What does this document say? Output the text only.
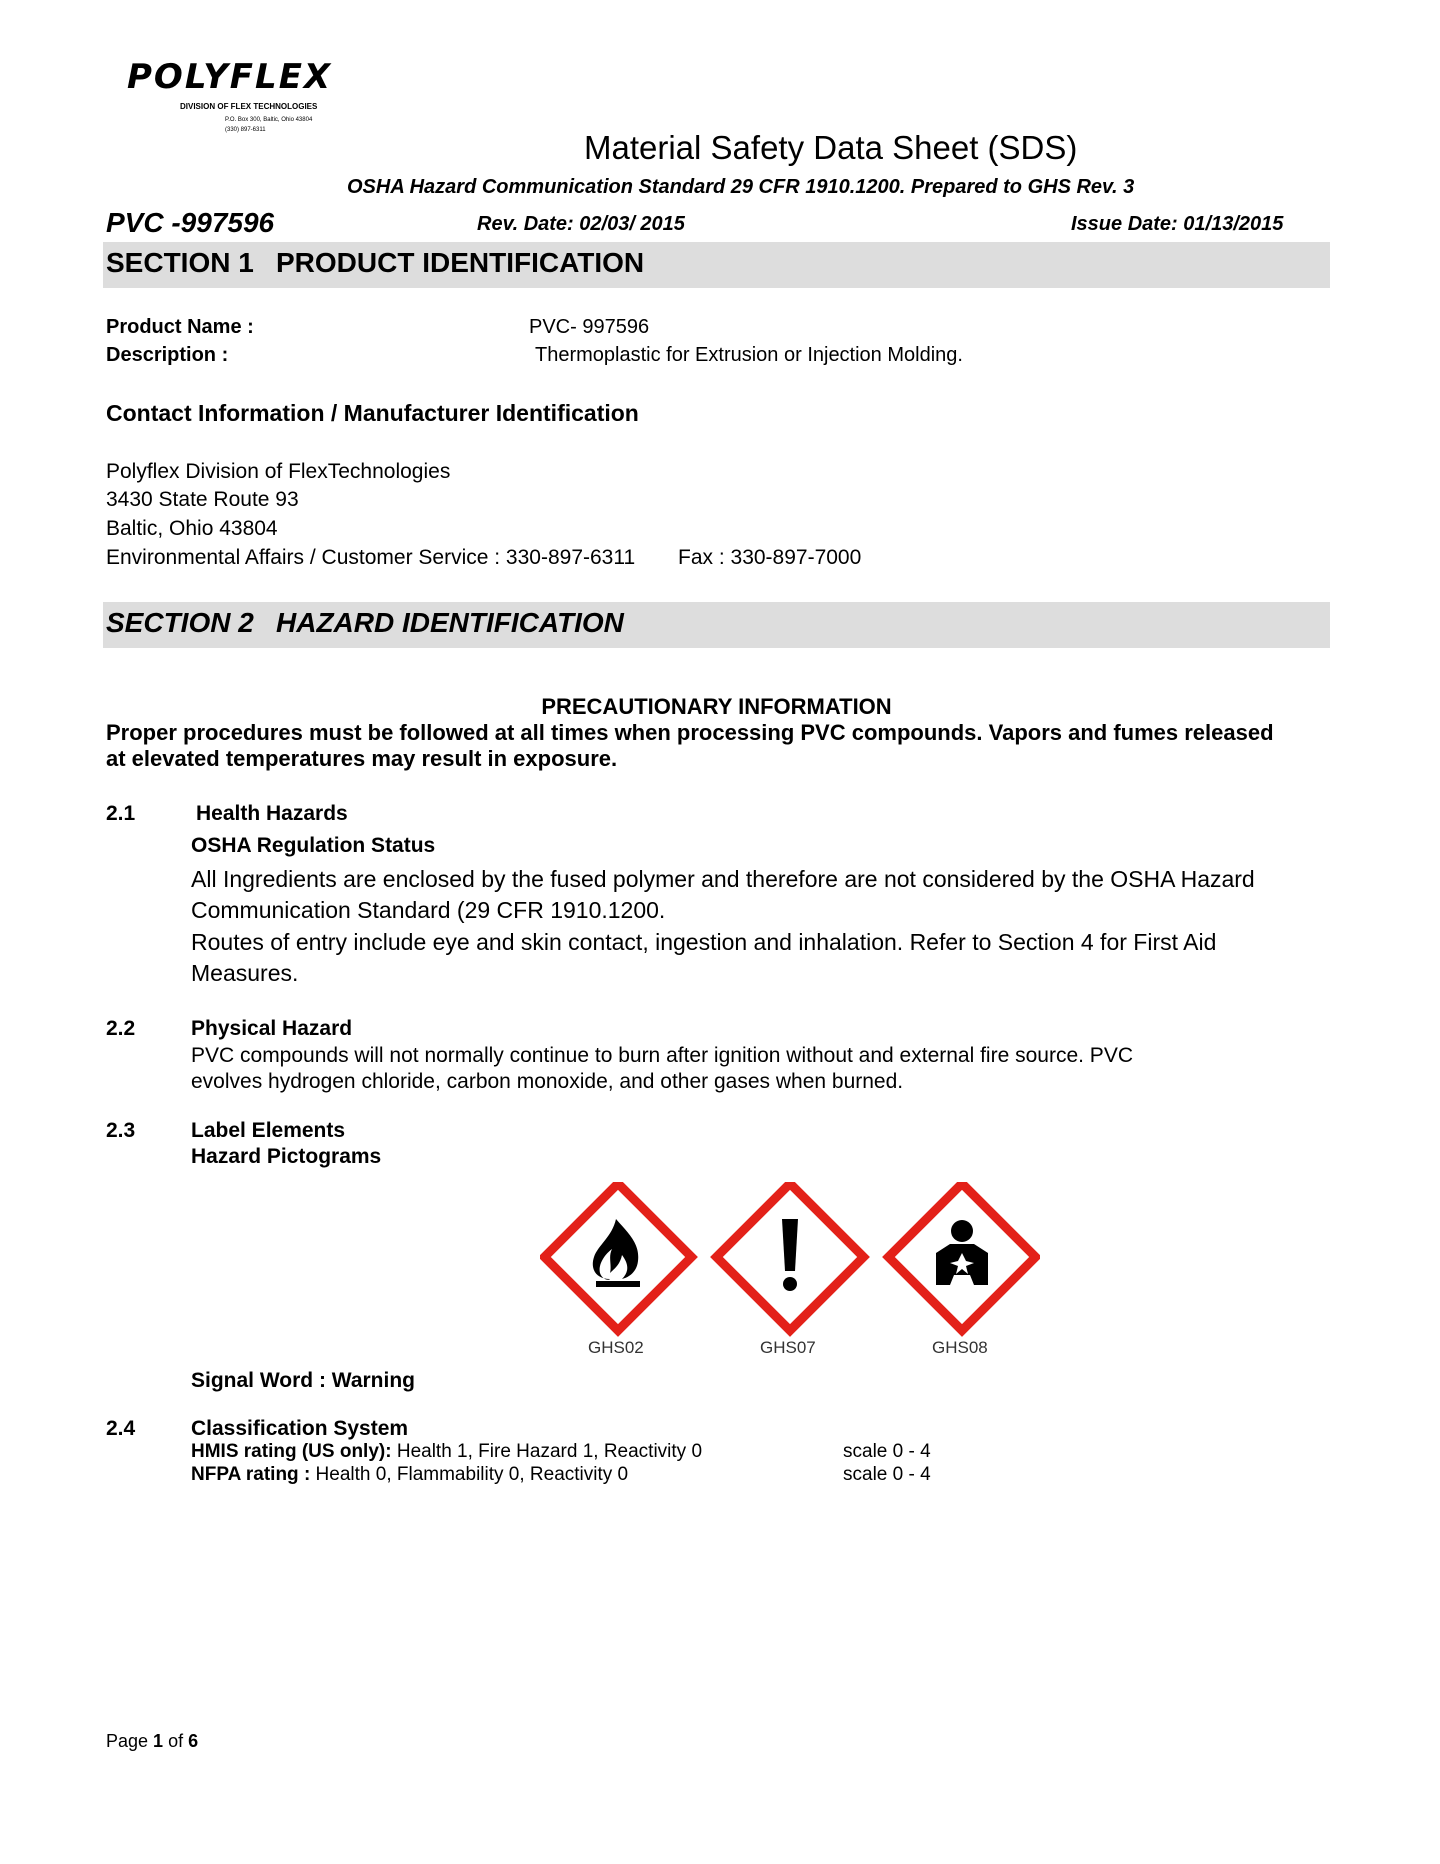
POLYFLEX
DIVISION OF FLEX TECHNOLOGIES
P.O. Box 300, Baltic, Ohio 43804
(330) 897-6311	Material Safety Data Sheet (SDS)
OSHA Hazard Communication Standard 29 CFR 1910.1200. Prepared to GHS Rev. 3
PVC -997596	Rev. Date: 02/03/ 2015	Issue Date: 01/13/2015
SECTION 1 PRODUCT IDENTIFICATION
Product Name :	PVC- 997596
Description :	Thermoplastic for Extrusion or Injection Molding.
Contact Information / Manufacturer Identification
Polyflex Division of FlexTechnologies
3430 State Route 93
Baltic, Ohio 43804
Environmental Affairs / Customer Service : 330-897-6311 Fax : 330-897-7000
SECTION 2 HAZARD IDENTIFICATION
PRECAUTIONARY INFORMATION
Proper procedures must be followed at all times when processing PVC compounds. Vapors and fumes released
at elevated temperatures may result in exposure.
2.1	Health Hazards
OSHA Regulation Status
All Ingredients are enclosed by the fused polymer and therefore are not considered by the OSHA Hazard
Communication Standard (29 CFR 1910.1200.
Routes of entry include eye and skin contact, ingestion and inhalation. Refer to Section 4 for First Aid
Measures.
2.2	Physical Hazard
PVC compounds will not normally continue to burn after ignition without and external fire source. PVC
evolves hydrogen chloride, carbon monoxide, and other gases when burned.
2.3	Label Elements
Hazard Pictograms
GHS02	GHS07	GHS08
Signal Word : Warning
2.4	Classification System
HMIS rating (US only): Health 1, Fire Hazard 1, Reactivity 0	scale 0 - 4
NFPA rating : Health 0, Flammability 0, Reactivity 0	scale 0 - 4
Page 1 of 6
